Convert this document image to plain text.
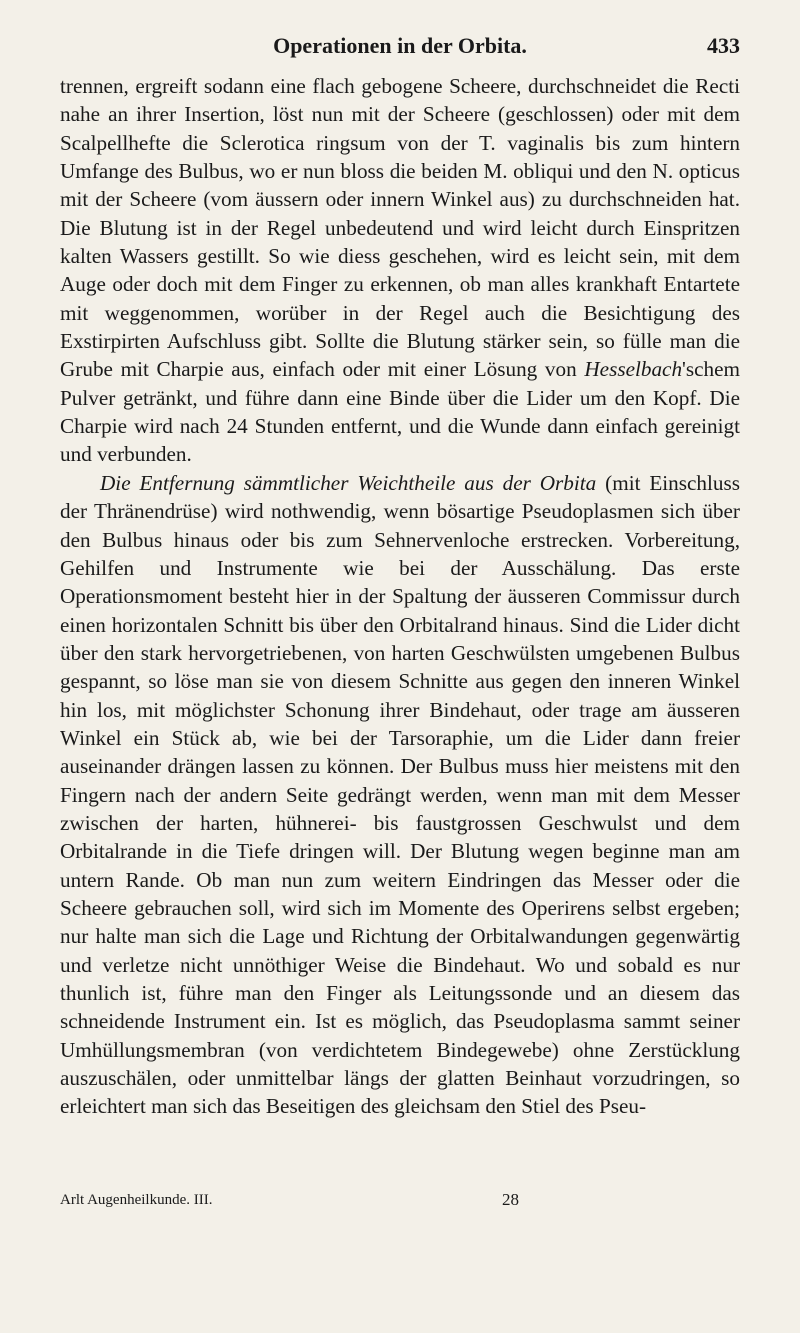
Operationen in der Orbita.	433

trennen, ergreift sodann eine flach gebogene Scheere, durchschneidet die Recti nahe an ihrer Insertion, löst nun mit der Scheere (geschlossen) oder mit dem Scalpellhefte die Sclerotica ringsum von der T. vaginalis bis zum hintern Umfange des Bulbus, wo er nun bloss die beiden M. obliqui und den N. opticus mit der Scheere (vom äussern oder innern Winkel aus) zu durchschneiden hat. Die Blutung ist in der Regel unbedeutend und wird leicht durch Einspritzen kalten Wassers gestillt. So wie diess geschehen, wird es leicht sein, mit dem Auge oder doch mit dem Finger zu erkennen, ob man alles krankhaft Entartete mit weggenommen, worüber in der Regel auch die Besichtigung des Exstirpirten Aufschluss gibt. Sollte die Blutung stärker sein, so fülle man die Grube mit Charpie aus, einfach oder mit einer Lösung von Hesselbach'schem Pulver getränkt, und führe dann eine Binde über die Lider um den Kopf. Die Charpie wird nach 24 Stunden entfernt, und die Wunde dann einfach gereinigt und verbunden.

Die Entfernung sämmtlicher Weichtheile aus der Orbita (mit Einschluss der Thränendrüse) wird nothwendig, wenn bösartige Pseudoplasmen sich über den Bulbus hinaus oder bis zum Sehnervenloche erstrecken. Vorbereitung, Gehilfen und Instrumente wie bei der Ausschälung. Das erste Operationsmoment besteht hier in der Spaltung der äusseren Commissur durch einen horizontalen Schnitt bis über den Orbitalrand hinaus. Sind die Lider dicht über den stark hervorgetriebenen, von harten Geschwülsten umgebenen Bulbus gespannt, so löse man sie von diesem Schnitte aus gegen den inneren Winkel hin los, mit möglichster Schonung ihrer Bindehaut, oder trage am äusseren Winkel ein Stück ab, wie bei der Tarsoraphie, um die Lider dann freier auseinander drängen lassen zu können. Der Bulbus muss hier meistens mit den Fingern nach der andern Seite gedrängt werden, wenn man mit dem Messer zwischen der harten, hühnerei- bis faustgrossen Geschwulst und dem Orbitalrande in die Tiefe dringen will. Der Blutung wegen beginne man am untern Rande. Ob man nun zum weitern Eindringen das Messer oder die Scheere gebrauchen soll, wird sich im Momente des Operirens selbst ergeben; nur halte man sich die Lage und Richtung der Orbitalwandungen gegenwärtig und verletze nicht unnöthiger Weise die Bindehaut. Wo und sobald es nur thunlich ist, führe man den Finger als Leitungssonde und an diesem das schneidende Instrument ein. Ist es möglich, das Pseudoplasma sammt seiner Umhüllungsmembran (von verdichtetem Bindegewebe) ohne Zerstücklung auszuschälen, oder unmittelbar längs der glatten Beinhaut vorzudringen, so erleichtert man sich das Beseitigen des gleichsam den Stiel des Pseu-

Arlt Augenheilkunde. III.	28
